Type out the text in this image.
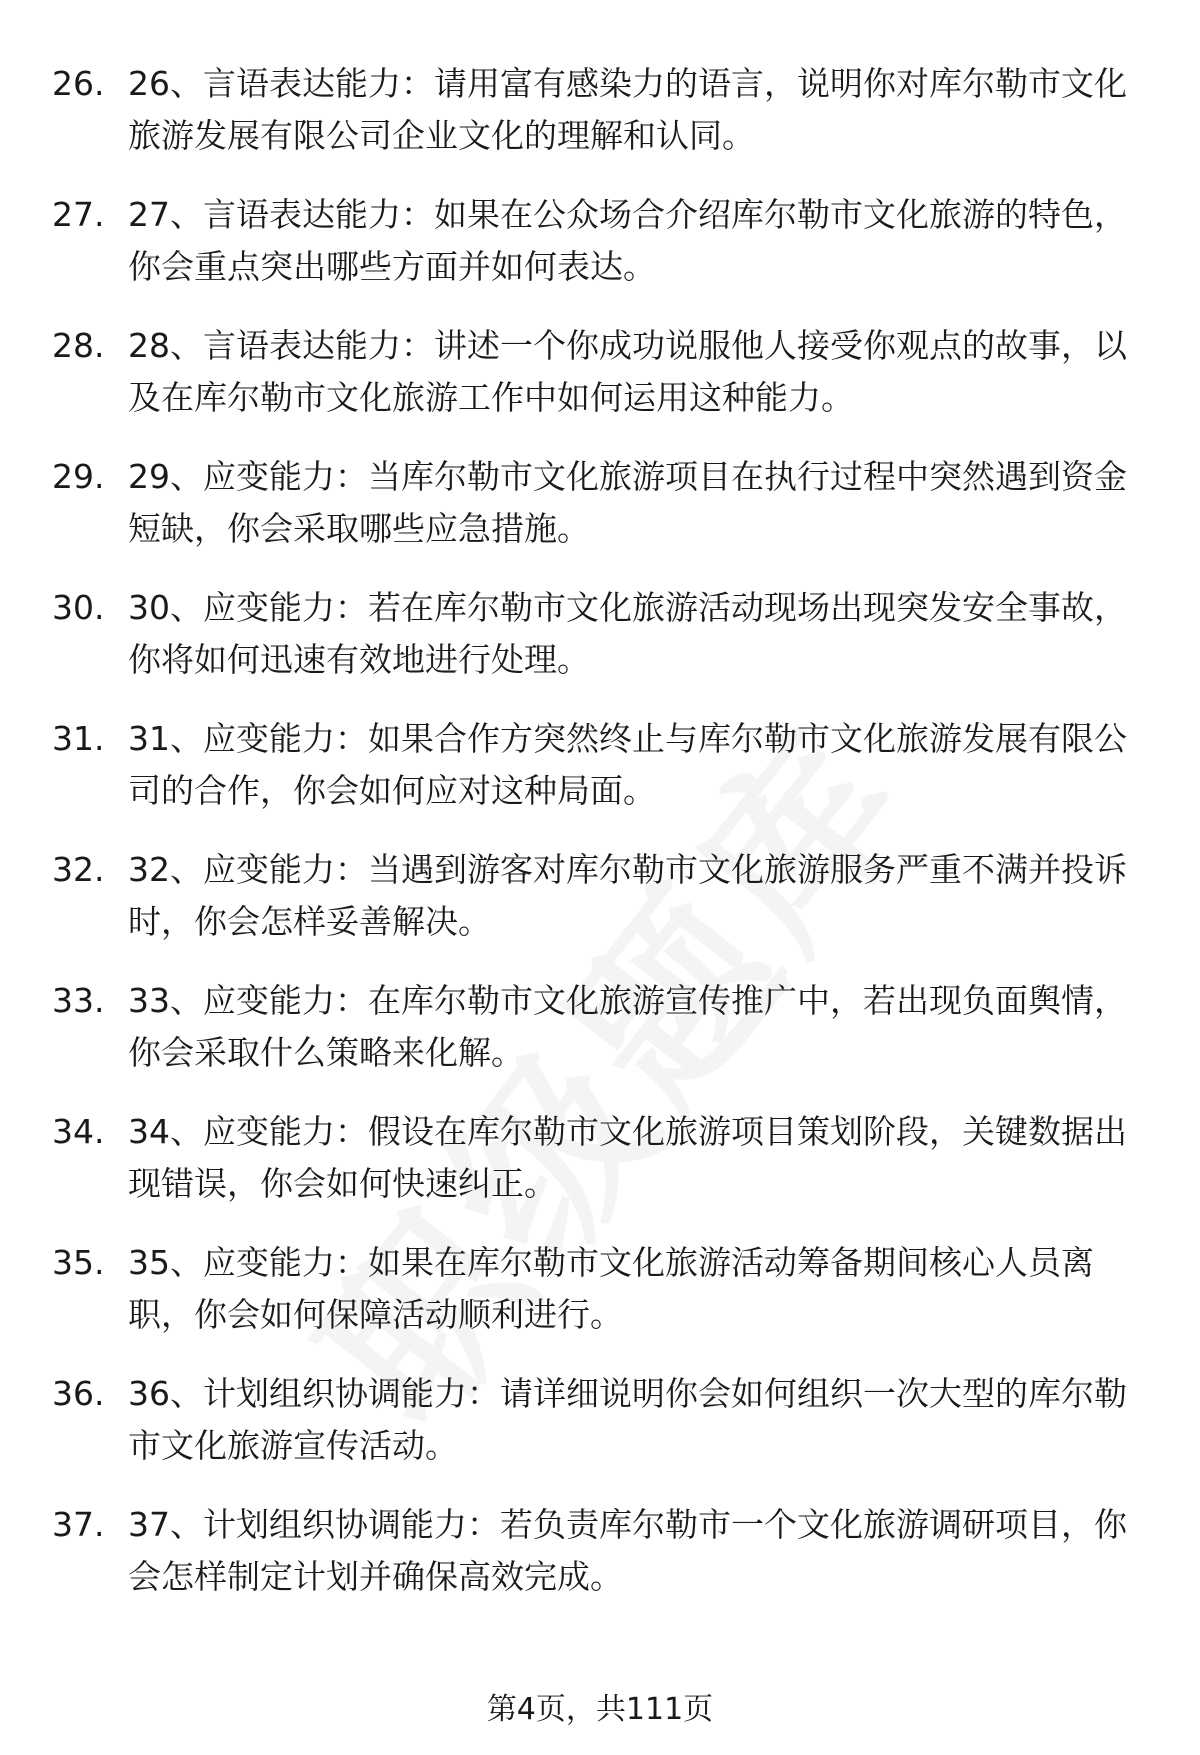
26. 26、言语表达能力：请用富有感染力的语言，说明你对库尔勒市文化旅游发展有限公司企业文化的理解和认同。
27. 27、言语表达能力：如果在公众场合介绍库尔勒市文化旅游的特色，你会重点突出哪些方面并如何表达。
28. 28、言语表达能力：讲述一个你成功说服他人接受你观点的故事，以及在库尔勒市文化旅游工作中如何运用这种能力。
29. 29、应变能力：当库尔勒市文化旅游项目在执行过程中突然遇到资金短缺，你会采取哪些应急措施。
30. 30、应变能力：若在库尔勒市文化旅游活动现场出现突发安全事故，你将如何迅速有效地进行处理。
31. 31、应变能力：如果合作方突然终止与库尔勒市文化旅游发展有限公司的合作，你会如何应对这种局面。
32. 32、应变能力：当遇到游客对库尔勒市文化旅游服务严重不满并投诉时，你会怎样妥善解决。
33. 33、应变能力：在库尔勒市文化旅游宣传推广中，若出现负面舆情，你会采取什么策略来化解。
34. 34、应变能力：假设在库尔勒市文化旅游项目策划阶段，关键数据出现错误，你会如何快速纠正。
35. 35、应变能力：如果在库尔勒市文化旅游活动筹备期间核心人员离职，你会如何保障活动顺利进行。
36. 36、计划组织协调能力：请详细说明你会如何组织一次大型的库尔勒市文化旅游宣传活动。
37. 37、计划组织协调能力：若负责库尔勒市一个文化旅游调研项目，你会怎样制定计划并确保高效完成。
第4页，共111页
